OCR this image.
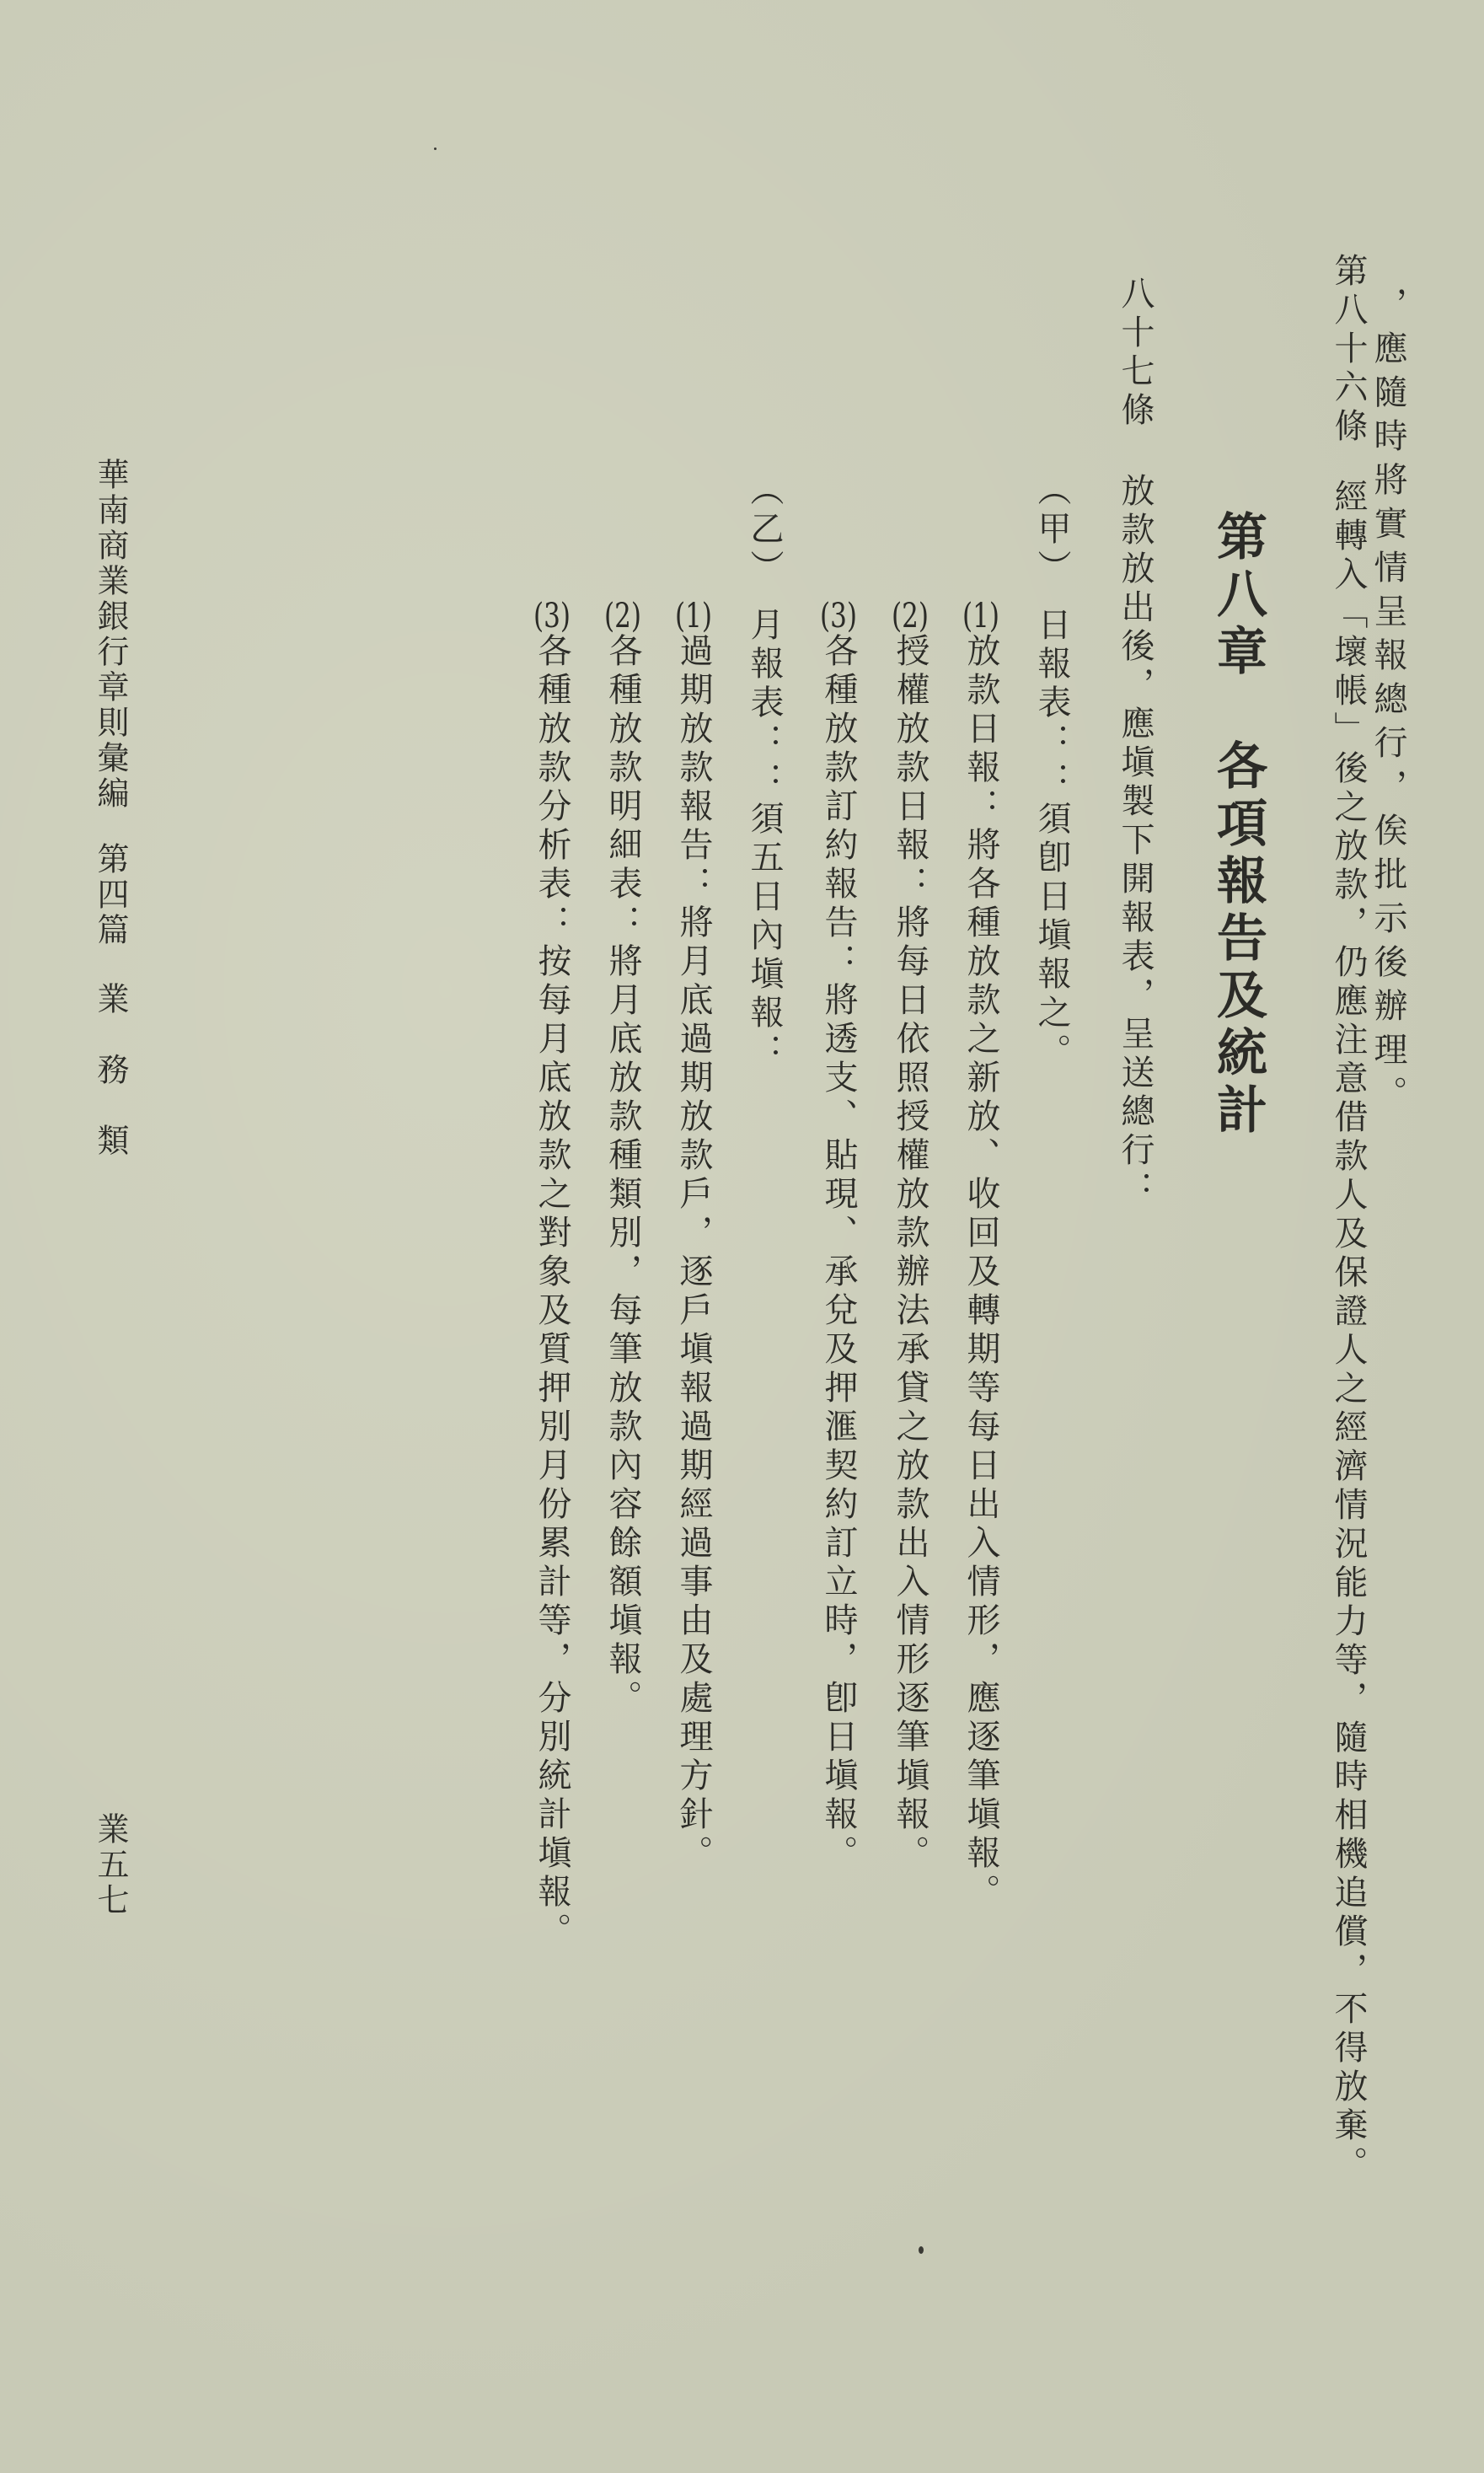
，應隨時將實情呈報總行，俟批示後辦理。
第八十六條
經轉入「壞帳」後之放款，仍應注意借款人及保證人之經濟情況能力等，隨時相機追償，不得放棄。
第八章　各項報告及統計
八十七條
放款放出後，應塡製下開報表，呈送總行：
（甲）
日報表：：須卽日塡報之。
(1)放款日報：將各種放款之新放、收回及轉期等每日出入情形，應逐筆塡報。
(2)授權放款日報：將每日依照授權放款辦法承貸之放款出入情形逐筆塡報。
(3)各種放款訂約報告：將透支、貼現、承兌及押滙契約訂立時，卽日塡報。
（乙）
月報表：：須五日內塡報：
(1)過期放款報告：將月底過期放款戶，逐戶塡報過期經過事由及處理方針。
(2)各種放款明細表：將月底放款種類別，每筆放款內容餘額塡報。
(3)各種放款分析表：按每月底放款之對象及質押別月份累計等，分別統計塡報。
華南商業銀行章則彙編第四篇業　務　類
業五七
